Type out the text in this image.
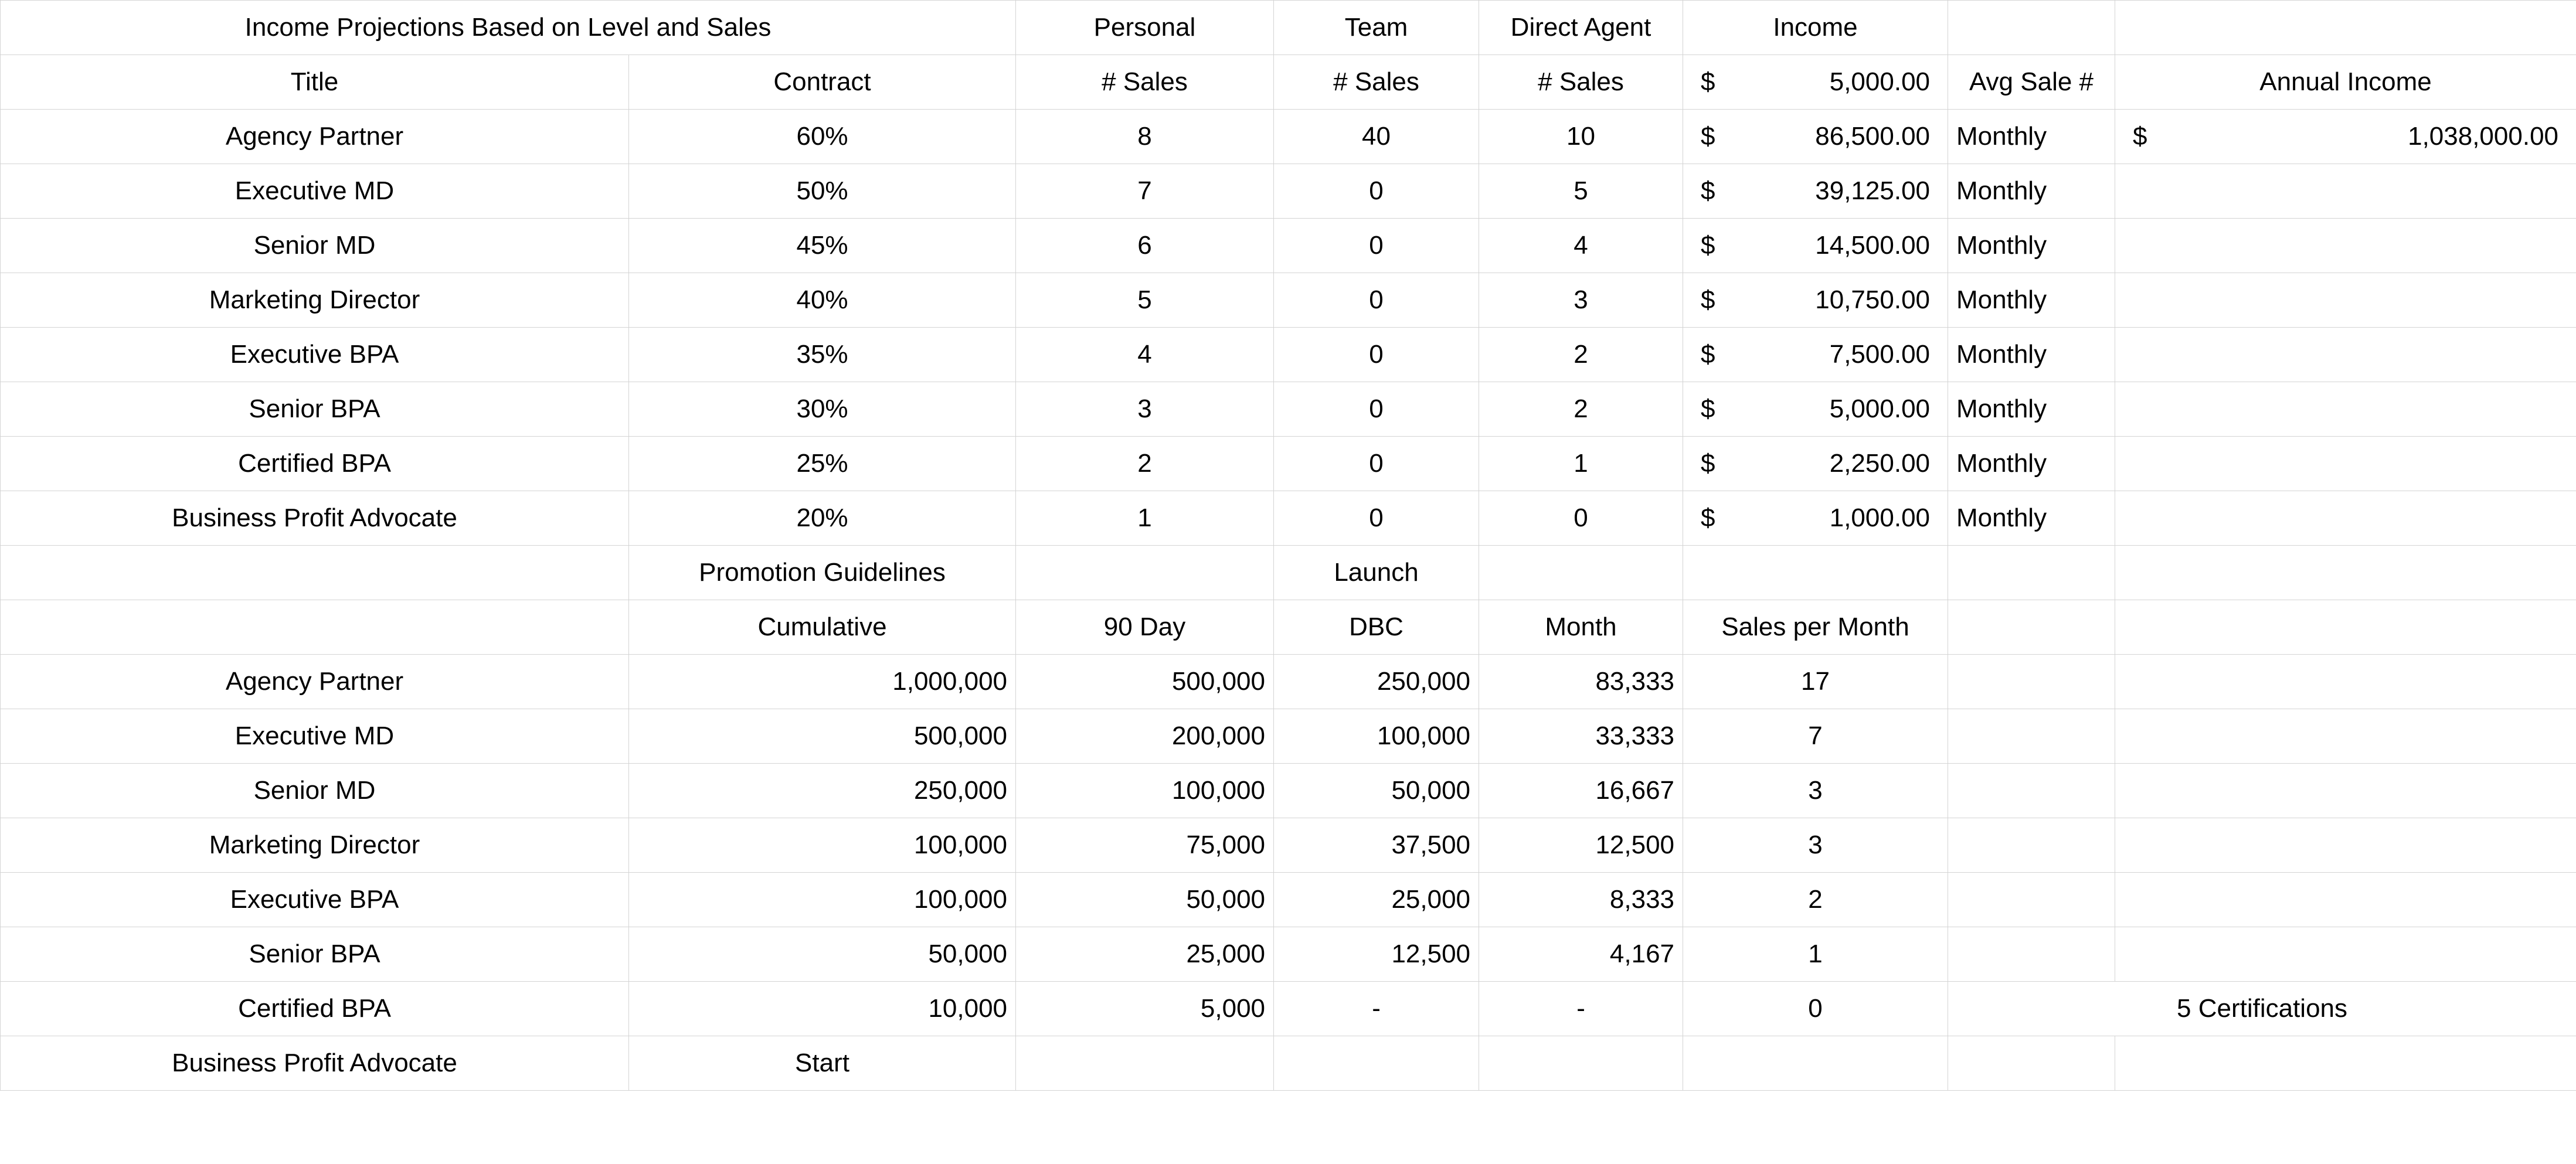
Income Projections Based on Level and Sales		Personal	Team	Direct Agent	Income		
Title	Contract	# Sales	# Sales	# Sales	$ 5,000.00	Avg Sale #	Annual Income
Agency Partner	60%	8	40	10	$ 86,500.00	Monthly	$ 1,038,000.00

Executive MD	50%	7	0	5	$ 39,125.00	Monthly	
Senior MD	45%	6	0	4	$ 14,500.00	Monthly	
Marketing Director	40%	5	0	3	$ 10,750.00	Monthly	
Executive BPA	35%	4	0	2	$ 7,500.00	Monthly	
Senior BPA	30%	3	0	2	$ 5,000.00	Monthly	
Certified BPA	25%	2	0	1	$ 2,250.00	Monthly	
Business Profit Advocate	20%	1	0	0	$ 1,000.00	Monthly	
	Promotion Guidelines		Launch				
	Cumulative	90 Day	DBC	Month	Sales per Month		
Agency Partner	1,000,000	500,000	250,000	83,333	17		
Executive MD	500,000	200,000	100,000	33,333	7		
Senior MD	250,000	100,000	50,000	16,667	3		
Marketing Director	100,000	75,000	37,500	12,500	3		
Executive BPA	100,000	50,000	25,000	8,333	2		
Senior BPA	50,000	25,000	12,500	4,167	1		
Certified BPA	10,000	5,000	-	-	0	5 Certifications	
Business Profit Advocate	Start						
